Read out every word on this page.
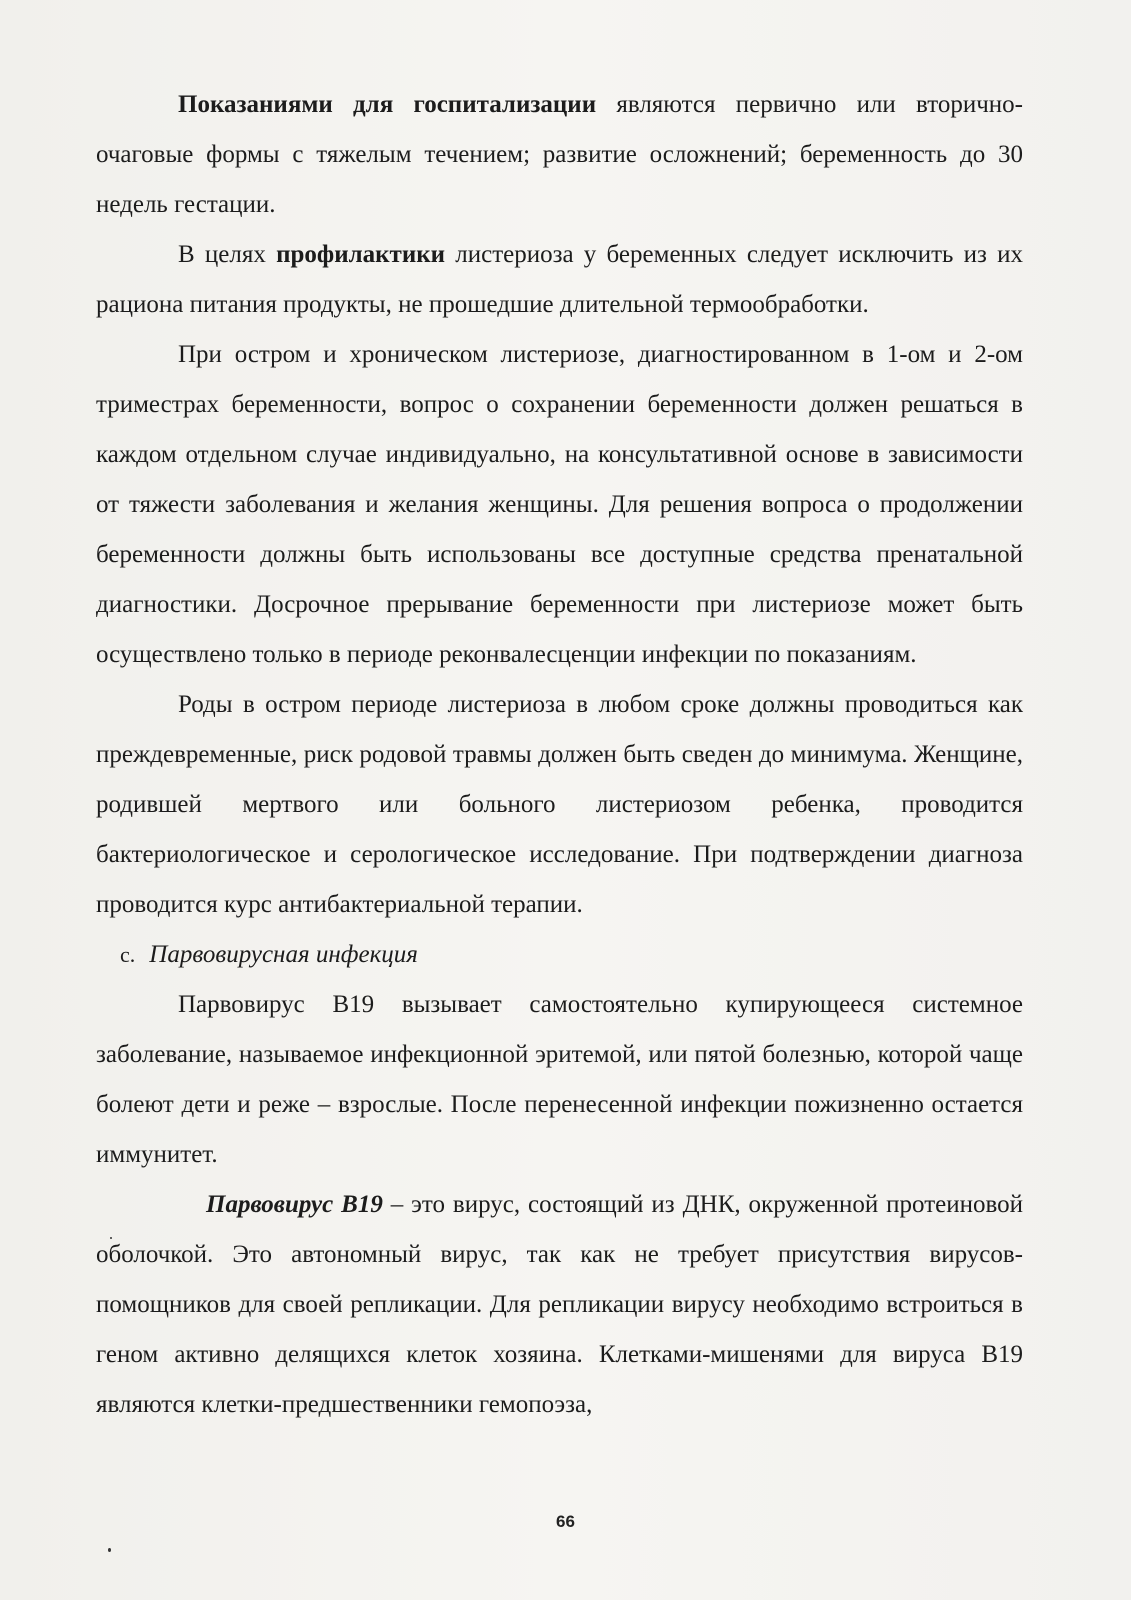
Показаниями для госпитализации являются первично или вторично-очаговые формы с тяжелым течением; развитие осложнений; беременность до 30 недель гестации.

В целях профилактики листериоза у беременных следует исключить из их рациона питания продукты, не прошедшие длительной термообработки.

При остром и хроническом листериозе, диагностированном в 1-ом и 2-ом триместрах беременности, вопрос о сохранении беременности должен решаться в каждом отдельном случае индивидуально, на консультативной основе в зависимости от тяжести заболевания и желания женщины. Для решения вопроса о продолжении беременности должны быть использованы все доступные средства пренатальной диагностики. Досрочное прерывание беременности при листериозе может быть осуществлено только в периоде реконвалесценции инфекции по показаниям.

Роды в остром периоде листериоза в любом сроке должны проводиться как преждевременные, риск родовой травмы должен быть сведен до минимума. Женщине, родившей мертвого или больного листериозом ребенка, проводится бактериологическое и серологическое исследование. При подтверждении диагноза проводится курс антибактериальной терапии.

c. Парвовирусная инфекция

Парвовирус В19 вызывает самостоятельно купирующееся системное заболевание, называемое инфекционной эритемой, или пятой болезнью, которой чаще болеют дети и реже – взрослые. После перенесенной инфекции пожизненно остается иммунитет.

Парвовирус В19 – это вирус, состоящий из ДНК, окруженной протеиновой оболочкой. Это автономный вирус, так как не требует присутствия вирусов-помощников для своей репликации. Для репликации вирусу необходимо встроиться в геном активно делящихся клеток хозяина. Клетками-мишенями для вируса В19 являются клетки-предшественники гемопоэза,

66
